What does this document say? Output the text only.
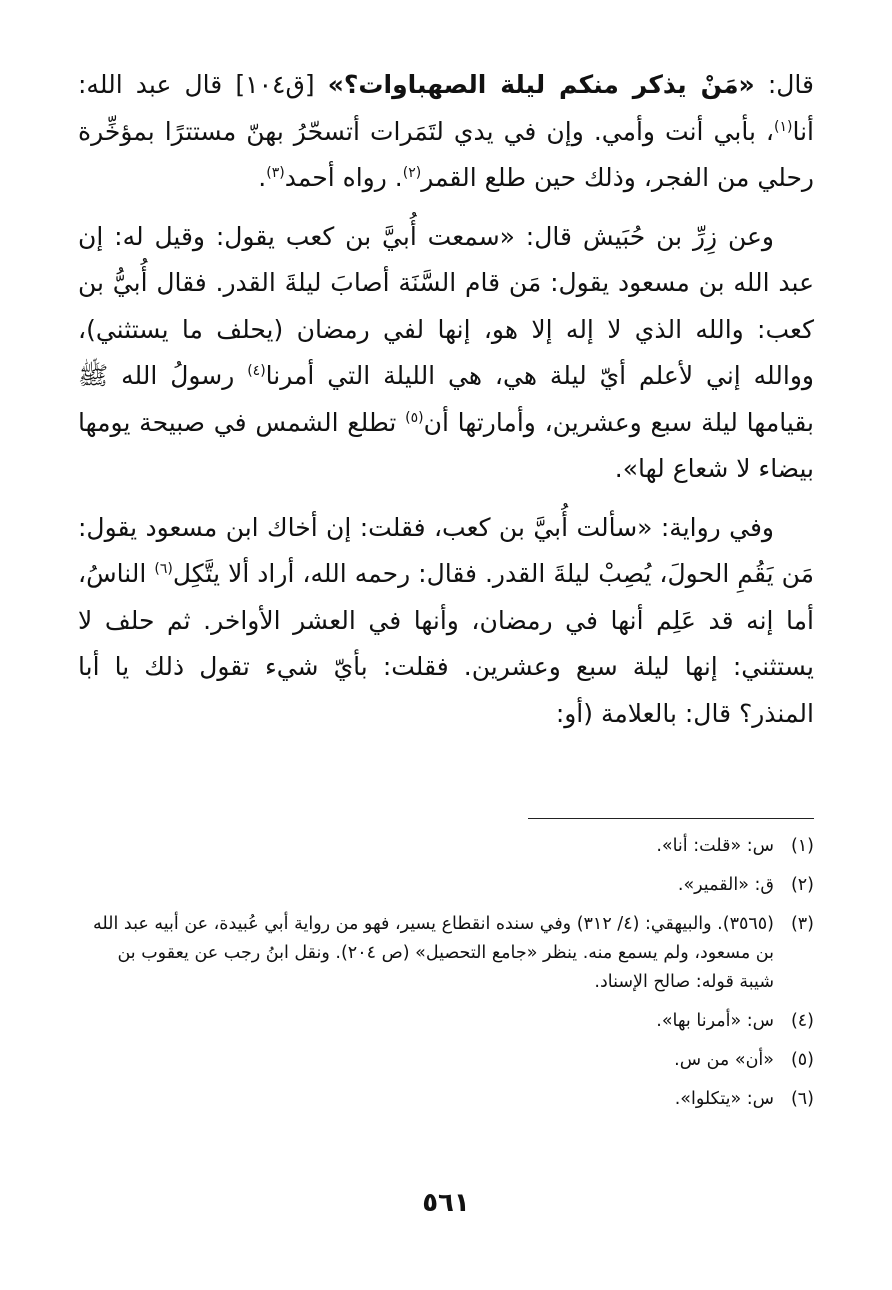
قال: «مَنْ يذكر منكم ليلة الصهباوات؟» [ق١٠٤] قال عبد الله: أنا$^{(١)}$، بأبي أنت وأمي. وإن في يدي لتَمَرات أتسحّرُ بهنّ مستترًا بمؤخِّرة رحلي من الفجر، وذلك حين طلع القمر$^{(٢)}$. رواه أحمد$^{(٣)}$.

وعن زِرِّ بن حُبَيش قال: «سمعت أُبيَّ بن كعب يقول: وقيل له: إن عبد الله بن مسعود يقول: مَن قام السَّنَة أصابَ ليلةَ القدر. فقال أُبيُّ بن كعب: والله الذي لا إله إلا هو، إنها لفي رمضان (يحلف ما يستثني)، ووالله إني لأعلم أيّ ليلة هي، هي الليلة التي أمرنا$^{(٤)}$ رسولُ الله ﷺ بقيامها ليلة سبع وعشرين، وأمارتها أن$^{(٥)}$ تطلع الشمس في صبيحة يومها بيضاء لا شعاع لها».

وفي رواية: «سألت أُبيَّ بن كعب، فقلت: إن أخاك ابن مسعود يقول: مَن يَقُمِ الحولَ، يُصِبْ ليلةَ القدر. فقال: رحمه الله، أراد ألا يتَّكِل$^{(٦)}$ الناسُ، أما إنه قد عَلِم أنها في رمضان، وأنها في العشر الأواخر. ثم حلف لا يستثني: إنها ليلة سبع وعشرين. فقلت: بأيّ شيء تقول ذلك يا أبا المنذر؟ قال: بالعلامة (أو:

(١)
س: «قلت: أنا».
(٢)
ق: «القمير».
(٣)
(٣٥٦٥). والبيهقي: (٤/ ٣١٢) وفي سنده انقطاع يسير، فهو من رواية أبي عُبيدة، عن أبيه عبد الله بن مسعود، ولم يسمع منه. ينظر «جامع التحصيل» (ص ٢٠٤). ونقل ابنُ رجب عن يعقوب بن شيبة قوله: صالح الإسناد.
(٤)
س: «أمرنا بها».
(٥)
«أن» من س.
(٦)
س: «يتكلوا».
٥٦١
